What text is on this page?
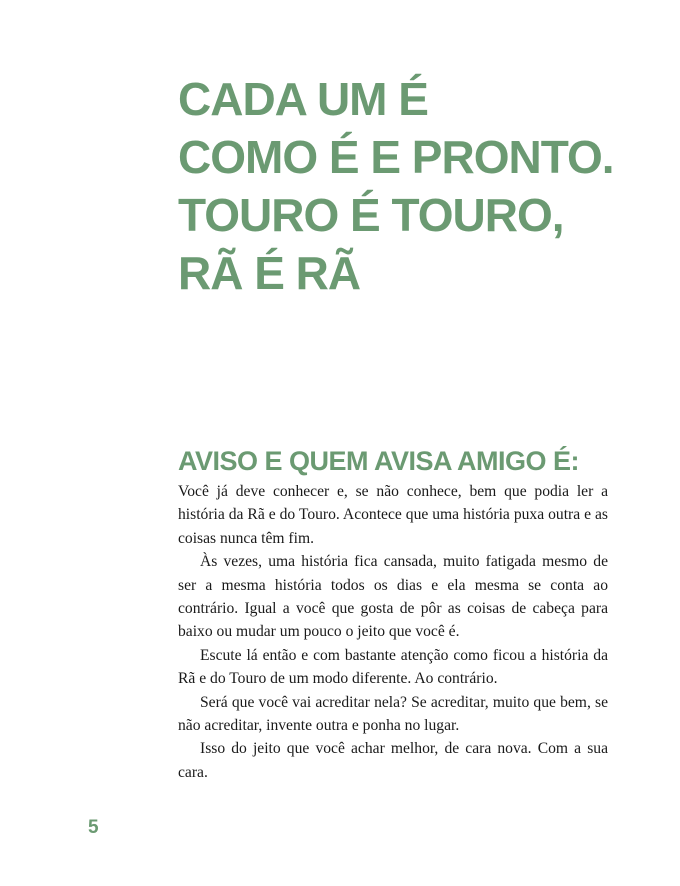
CADA UM É
COMO É E PRONTO.
TOURO É TOURO,
RÃ É RÃ
AVISO E QUEM AVISA AMIGO É:

Você já deve conhecer e, se não conhece, bem que podia ler a história da Rã e do Touro. Acontece que uma história puxa outra e as coisas nunca têm fim.

Às vezes, uma história fica cansada, muito fatigada mesmo de ser a mesma história todos os dias e ela mesma se conta ao contrário. Igual a você que gosta de pôr as coisas de cabeça para baixo ou mudar um pouco o jeito que você é.

Escute lá então e com bastante atenção como ficou a história da Rã e do Touro de um modo diferente. Ao contrário.

Será que você vai acreditar nela? Se acreditar, muito que bem, se não acreditar, invente outra e ponha no lugar.

Isso do jeito que você achar melhor, de cara nova. Com a sua cara.

5
